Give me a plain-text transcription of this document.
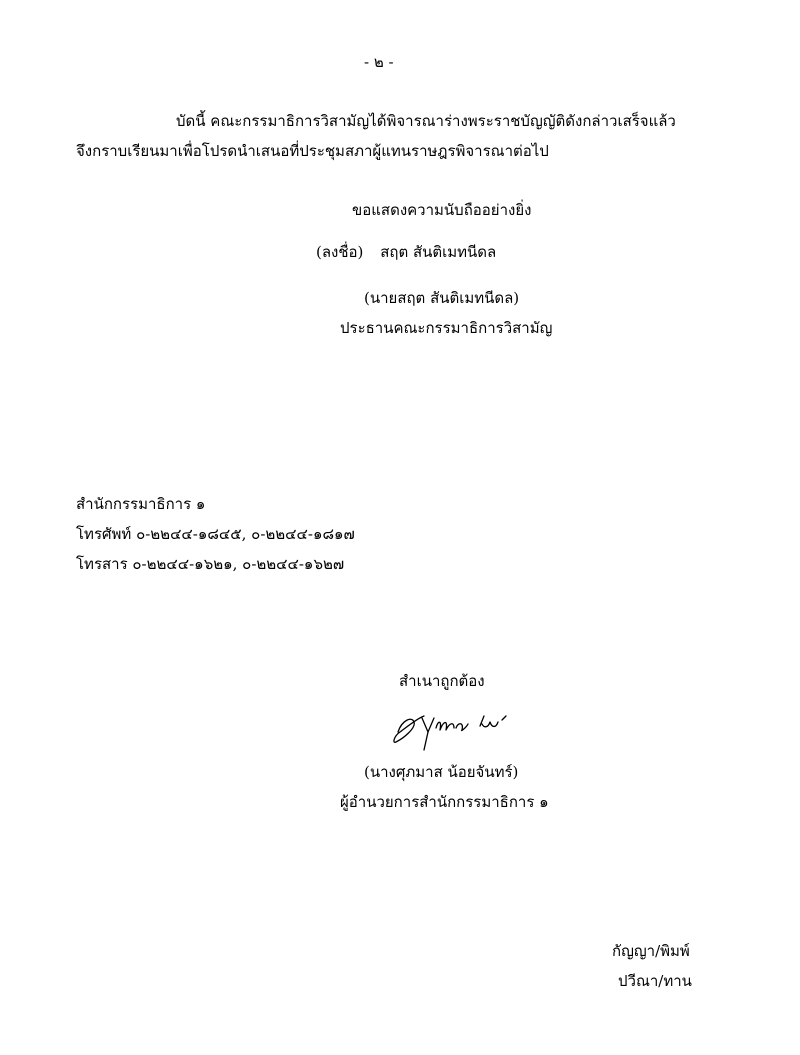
- ๒ -
บัดนี้ คณะกรรมาธิการวิสามัญได้พิจารณาร่างพระราชบัญญัติดังกล่าวเสร็จแล้ว
จึงกราบเรียนมาเพื่อโปรดนำเสนอที่ประชุมสภาผู้แทนราษฎรพิจารณาต่อไป
ขอแสดงความนับถืออย่างยิ่ง
(ลงชื่อ) สฤต สันติเมทนีดล
(นายสฤต สันติเมทนีดล)
ประธานคณะกรรมาธิการวิสามัญ
สำนักกรรมาธิการ ๑
โทรศัพท์ ๐-๒๒๔๔-๑๘๔๕, ๐-๒๒๔๔-๑๘๑๗
โทรสาร ๐-๒๒๔๔-๑๖๒๑, ๐-๒๒๔๔-๑๖๒๗
สำเนาถูกต้อง
(นางศุภมาส น้อยจันทร์)
ผู้อำนวยการสำนักกรรมาธิการ ๑
กัญญา/พิมพ์
ปวีณา/ทาน
